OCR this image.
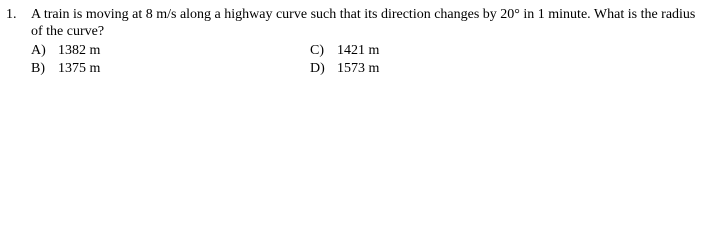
1. A train is moving at 8 m/s along a highway curve such that its direction changes by 20° in 1 minute. What is the radius of the curve?
A) 1382 m
B) 1375 m
C) 1421 m
D) 1573 m
